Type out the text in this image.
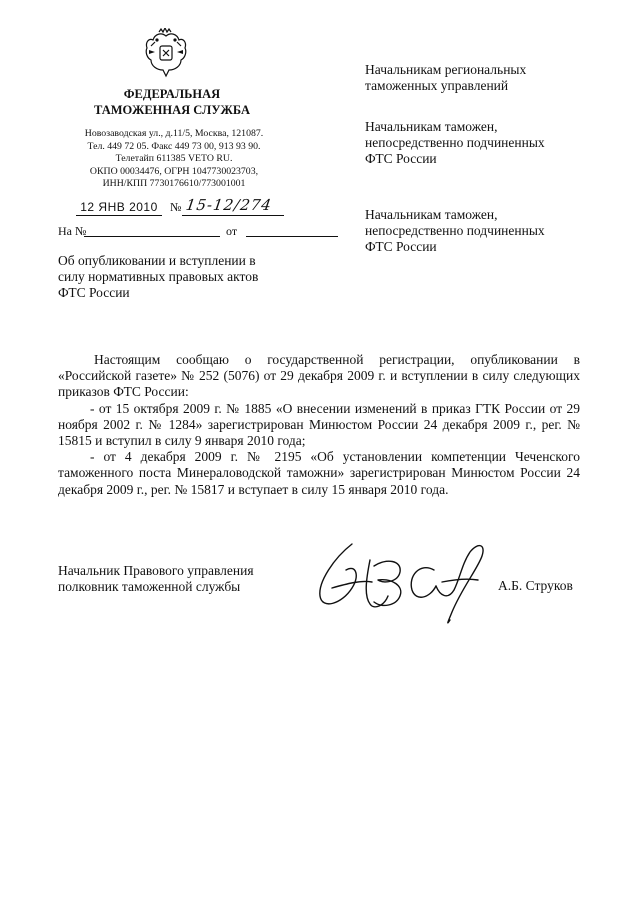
ФЕДЕРАЛЬНАЯ
ТАМОЖЕННАЯ СЛУЖБА
Новозаводская ул., д.11/5, Москва, 121087.
Тел. 449 72 05. Факс 449 73 00, 913 93 90.
Телетайп 611385 VETO RU.
ОКПО 00034476, ОГРН 1047730023703,
ИНН/КПП 7730176610/773001001
12 ЯНВ 2010 № 15-12/274
На №	от
Начальникам региональных
таможенных управлений
Начальникам таможен,
непосредственно подчиненных
ФТС России
Начальникам таможен,
непосредственно подчиненных
ФТС России
Об опубликовании и вступлении в
силу нормативных правовых актов
ФТС России

Настоящим сообщаю о государственной регистрации, опубликовании в «Российской газете» № 252 (5076) от 29 декабря 2009 г. и вступлении в силу следующих приказов ФТС России:

- от 15 октября 2009 г. № 1885 «О внесении изменений в приказ ГТК России от 29 ноября 2002 г. № 1284» зарегистрирован Минюстом России 24 декабря 2009 г., рег. № 15815 и вступил в силу 9 января 2010 года;

- от 4 декабря 2009 г. № 2195 «Об установлении компетенции Чеченского таможенного поста Минераловодской таможни» зарегистрирован Минюстом России 24 декабря 2009 г., рег. № 15817 и вступает в силу 15 января 2010 года.

Начальник Правового управления
полковник таможенной службы	А.Б. Струков
